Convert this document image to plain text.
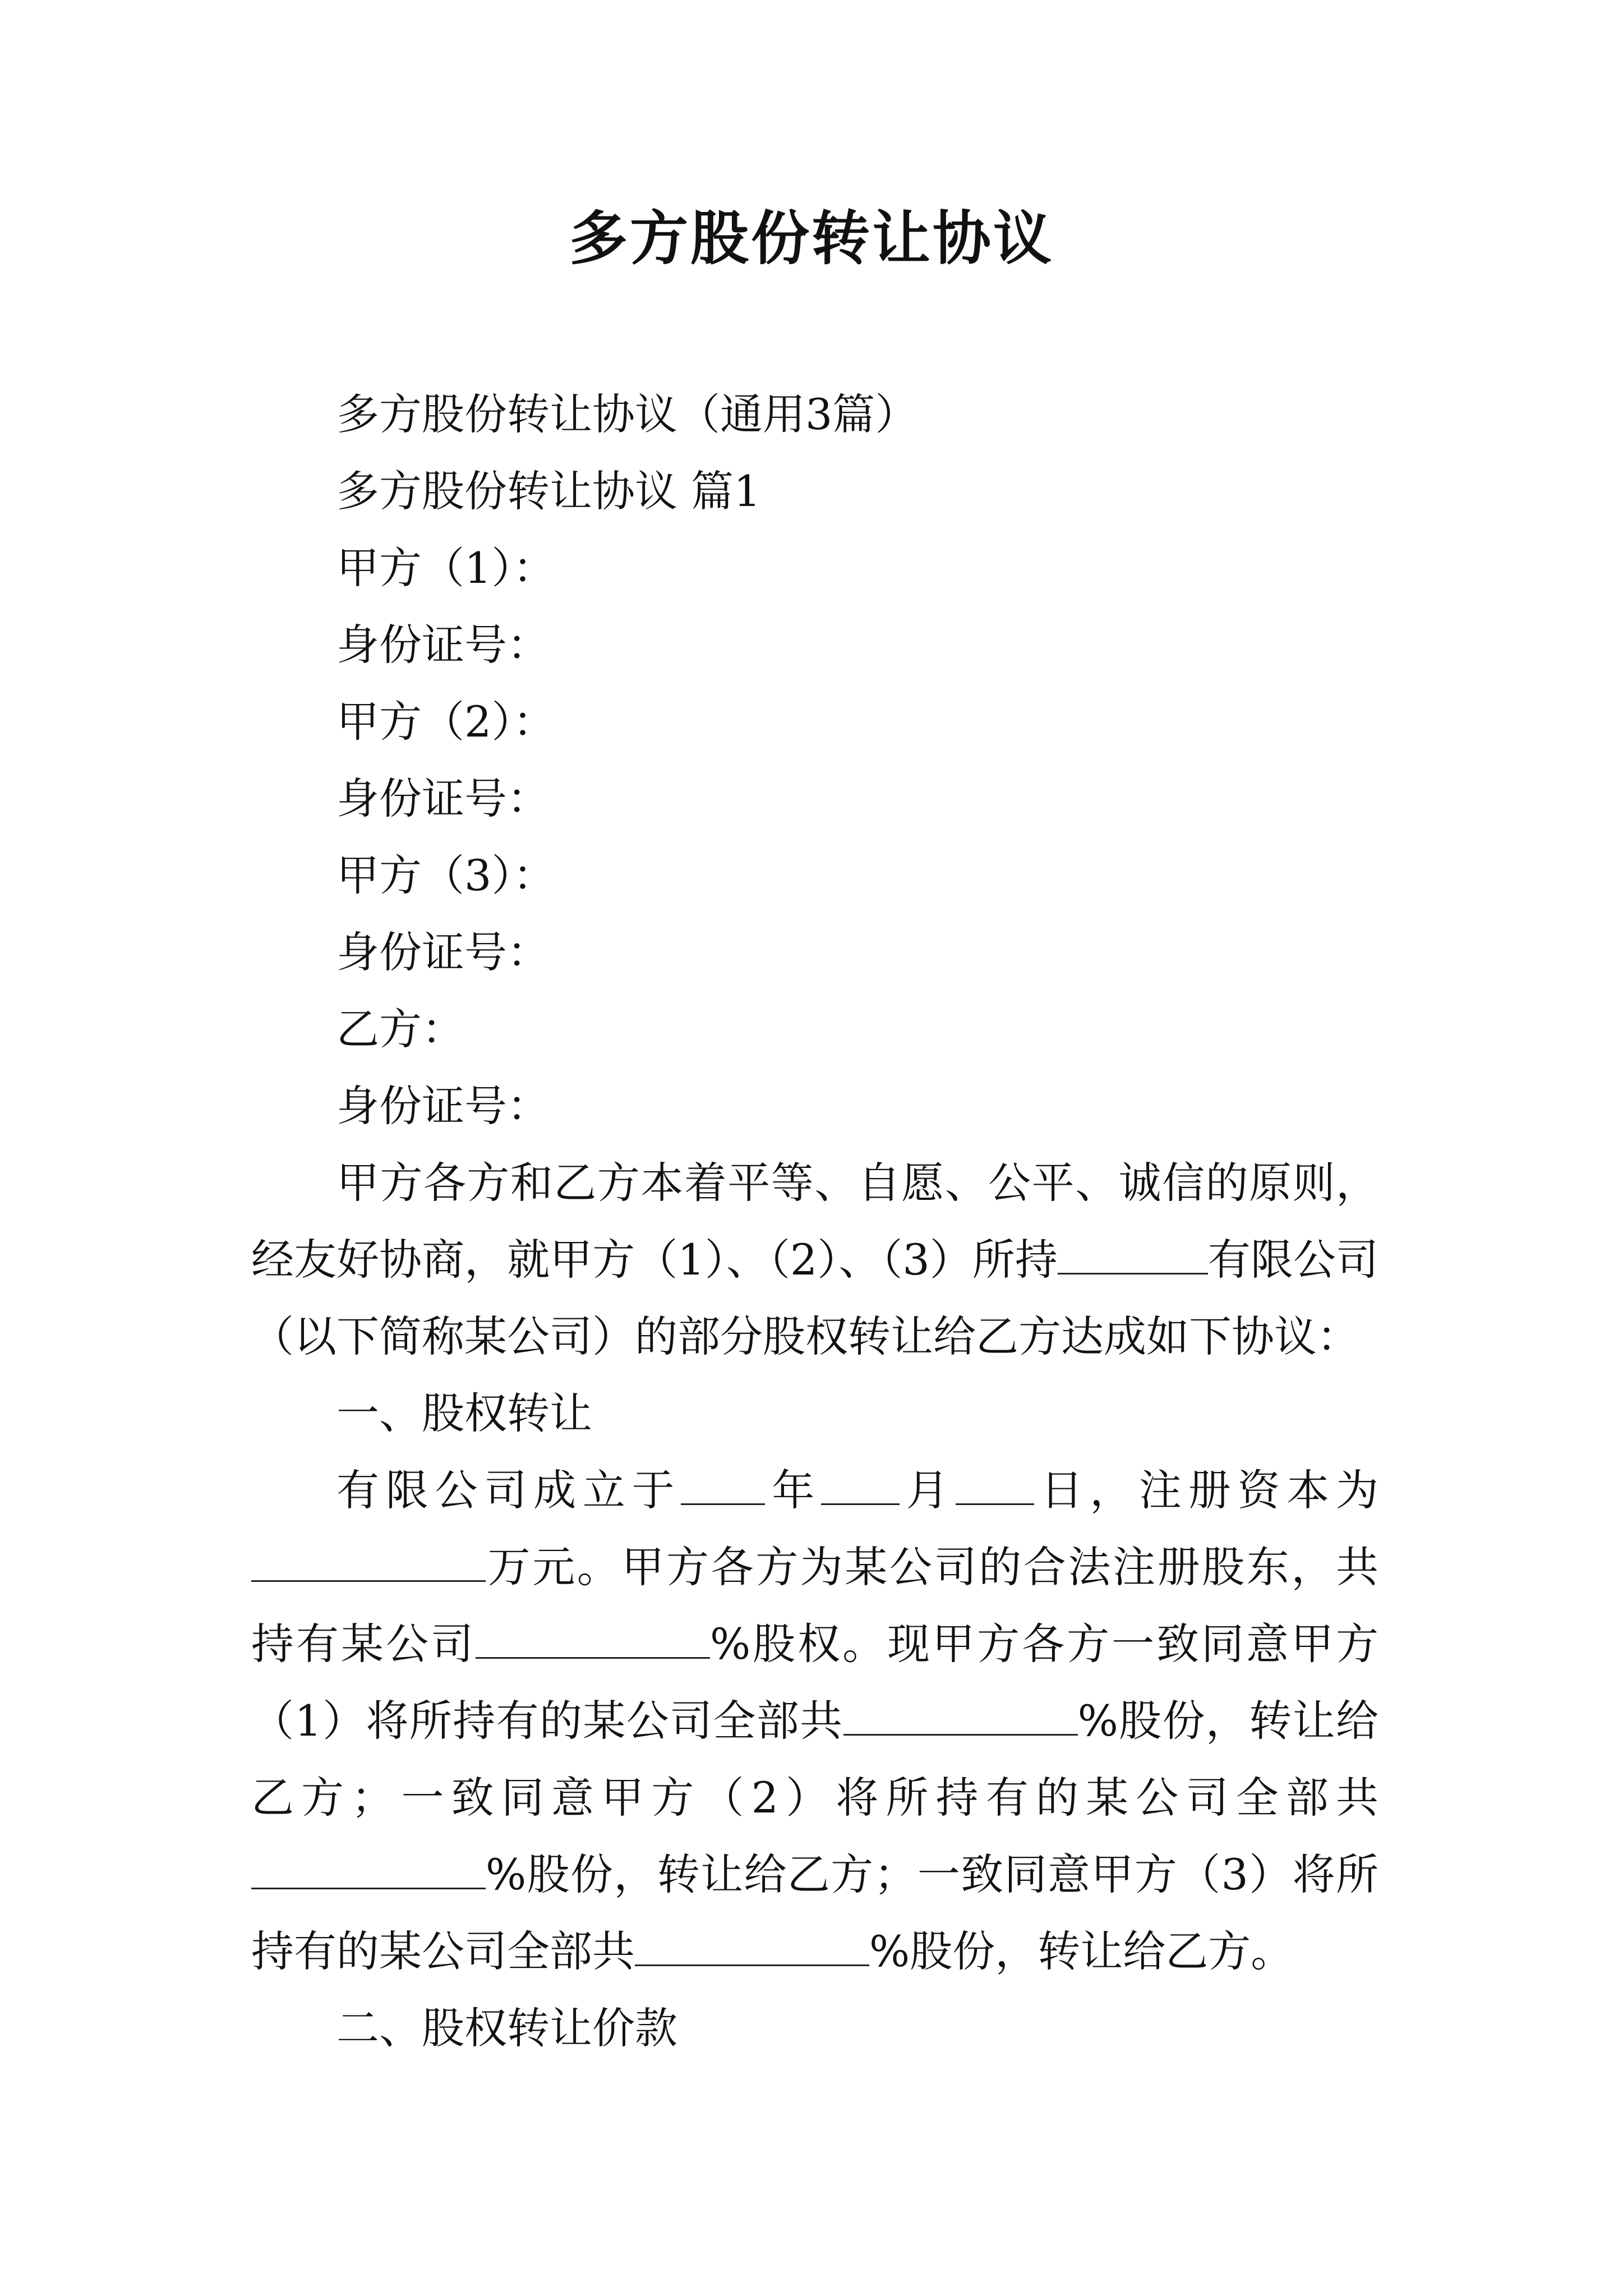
多方股份转让协议

多方股份转让协议（通用3篇）

多方股份转让协议 篇1

甲方（1）：

身份证号：

甲方（2）：

身份证号：

甲方（3）：

身份证号：

乙方：

身份证号：

甲方各方和乙方本着平等、自愿、公平、诚信的原则，经友好协商，就甲方（1）、（2）、（3）所持	有限公司（以下简称某公司）的部分股权转让给乙方达成如下协议：

一、股权转让

有限公司成立于 年 月 日，注册资本为万元。甲方各方为某公司的合法注册股东，共持有某公司	%股权。现甲方各方一致同意甲方（1）将所持有的某公司全部共	%股份，转让给乙方；一致同意甲方（2）将所持有的某公司全部共%股份，转让给乙方；一致同意甲方（3）将所持有的某公司全部共	%股份，转让给乙方。

二、股权转让价款
